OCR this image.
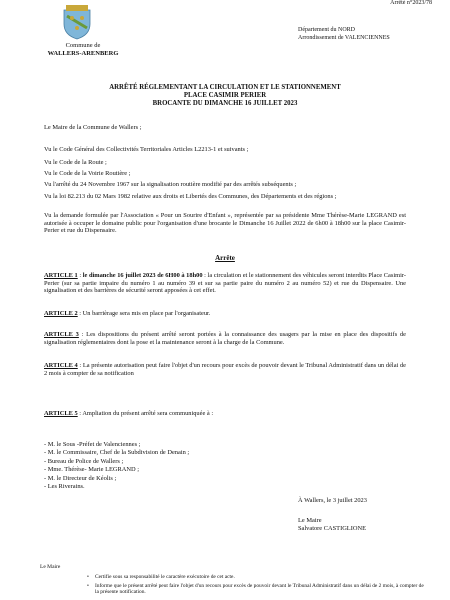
Arrêté n°2023/78
Commune de
WALLERS-ARENBERG
Département du NORD
Arrondissement de VALENCIENNES
ARRÊTÉ RÉGLEMENTANT LA CIRCULATION ET LE STATIONNEMENT
PLACE CASIMIR PERIER
BROCANTE DU DIMANCHE 16 JUILLET 2023
Le Maire de la Commune de Wallers ;
Vu le Code Général des Collectivités Territoriales Articles L2213-1 et suivants ;
Vu le Code de la Route ;
Vu le Code de la Voirie Routière ;
Vu l'arrêté du 24 Novembre 1967 sur la signalisation routière modifié par des arrêtés subséquents ;
Vu la loi 82.213 du 02 Mars 1982 relative aux droits et Libertés des Communes, des Départements et des régions ;
Vu la demande formulée par l'Association « Pour un Sourire d'Enfant », représentée par sa présidente Mme Thérèse-Marie LEGRAND est autorisée à occuper le domaine public pour l'organisation d'une brocante le Dimanche 16 Juillet 2022 de 6h00 à 18h00 sur la place Casimir-Perier et rue du Dispensaire.
Arrête
ARTICLE 1 : le dimanche 16 juillet 2023 de 6H00 à 18h00 : la circulation et le stationnement des véhicules seront interdits Place Casimir-Perier (sur sa partie impaire du numéro 1 au numéro 39 et sur sa partie paire du numéro 2 au numéro 52) et rue du Dispensaire. Une signalisation et des barrières de sécurité seront apposées à cet effet.
ARTICLE 2 : Un barrièrage sera mis en place par l'organisateur.
ARTICLE 3 : Les dispositions du présent arrêté seront portées à la connaissance des usagers par la mise en place des dispositifs de signalisation réglementaires dont la pose et la maintenance seront à la charge de la Commune.
ARTICLE 4 : La présente autorisation peut faire l'objet d'un recours pour excès de pouvoir devant le Tribunal Administratif dans un délai de 2 mois à compter de sa notification
ARTICLE 5 : Ampliation du présent arrêté sera communiquée à :
- M. le Sous -Préfet de Valenciennes ;
- M. le Commissaire, Chef de la Subdivision de Denain ;
- Bureau de Police de Wallers ;
- Mme. Thérèse- Marie LEGRAND ;
- M. le Directeur de Kéolis ;
- Les Riverains.
À Wallers, le 3 juillet 2023
Le Maire
Salvatore CASTIGLIONE
Le Maire
• Certifie sous sa responsabilité le caractère exécutoire de cet acte.
• Informe que le présent arrêté peut faire l'objet d'un recours pour excès de pouvoir devant le Tribunal Administratif dans un délai de 2 mois, à compter de la présente notification.
